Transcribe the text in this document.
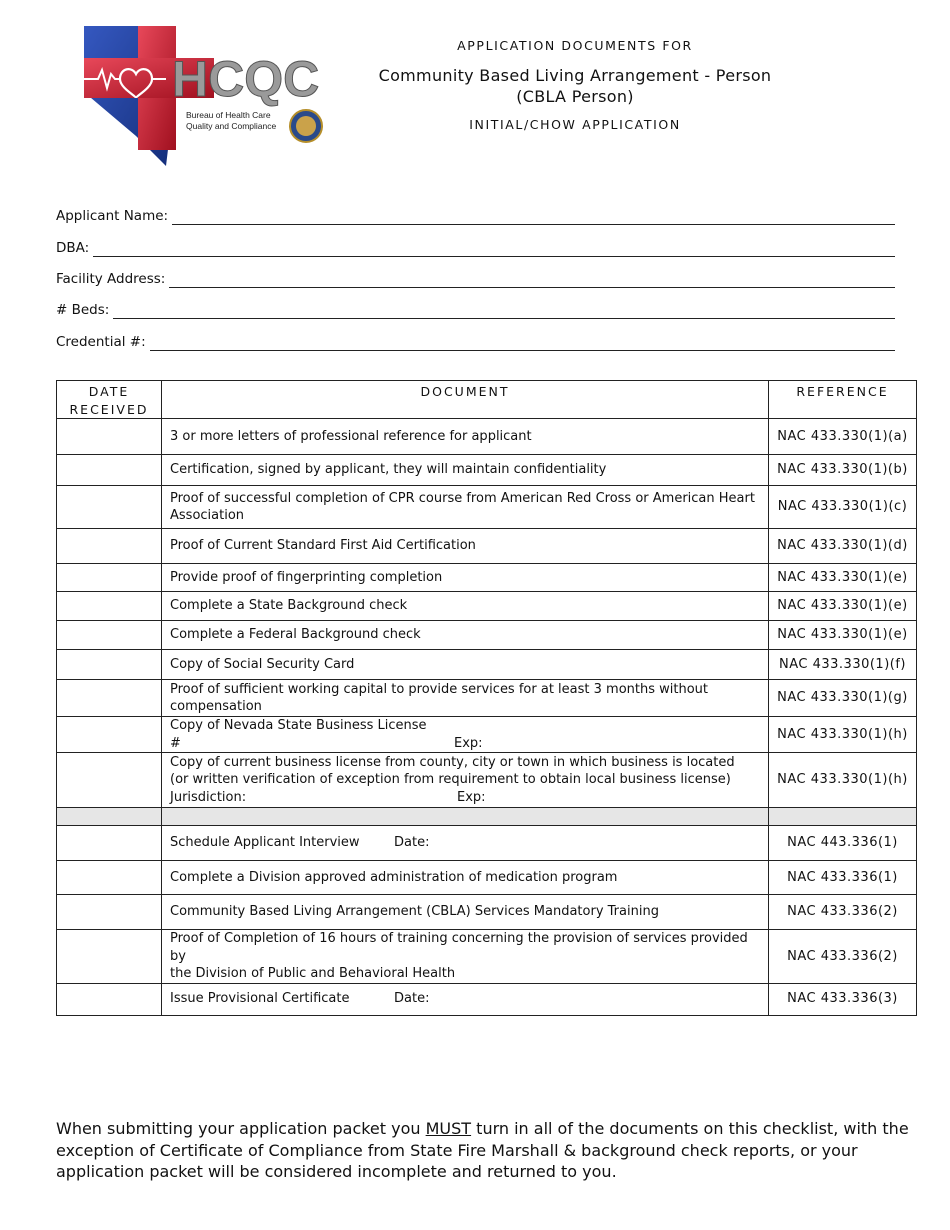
HCQC
Bureau of Health Care
Quality and Compliance
APPLICATION DOCUMENTS FOR
Community Based Living Arrangement - Person
(CBLA Person)
INITIAL/CHOW APPLICATION
Applicant Name:
DBA:
Facility Address:
# Beds:
Credential #:
DATE
RECEIVED	DOCUMENT	REFERENCE
	3 or more letters of professional reference for applicant	NAC 433.330(1)(a)
	Certification, signed by applicant, they will maintain confidentiality	NAC 433.330(1)(b)
	Proof of successful completion of CPR course from American Red Cross or American Heart
Association	NAC 433.330(1)(c)
	Proof of Current Standard First Aid Certification	NAC 433.330(1)(d)
	Provide proof of fingerprinting completion	NAC 433.330(1)(e)
	Complete a State Background check	NAC 433.330(1)(e)
	Complete a Federal Background check	NAC 433.330(1)(e)
	Copy of Social Security Card	NAC 433.330(1)(f)
	Proof of sufficient working capital to provide services for at least 3 months without
compensation	NAC 433.330(1)(g)
	Copy of Nevada State Business License
# Exp:	NAC 433.330(1)(h)
	Copy of current business license from county, city or town in which business is located
(or written verification of exception from requirement to obtain local business license)
Jurisdiction: Exp:	NAC 433.330(1)(h)

	Schedule Applicant Interview Date:	NAC 443.336(1)
	Complete a Division approved administration of medication program	NAC 433.336(1)
	Community Based Living Arrangement (CBLA) Services Mandatory Training	NAC 433.336(2)
	Proof of Completion of 16 hours of training concerning the provision of services provided by
the Division of Public and Behavioral Health	NAC 433.336(2)
	Issue Provisional Certificate Date:	NAC 433.336(3)
When submitting your application packet you MUST turn in all of the documents on this checklist, with the exception of Certificate of Compliance from State Fire Marshall & background check reports, or your application packet will be considered incomplete and returned to you.
